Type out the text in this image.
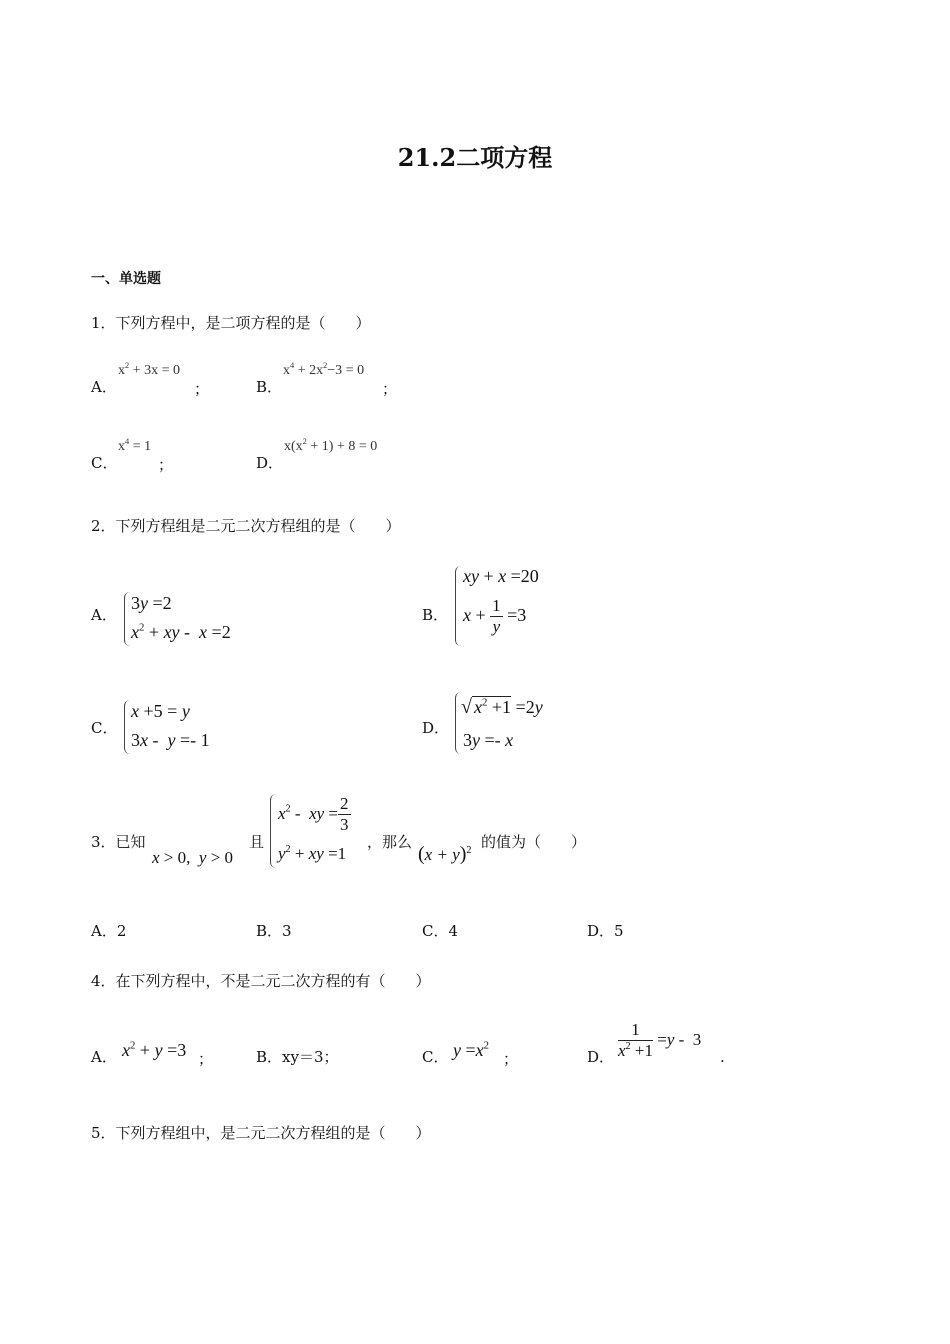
21.2二项方程
一、单选题
1．下列方程中，是二项方程的是（　　）
A．
$x^2 + 3x = 0$
；	B．
$x^4 + 2x^2-3 = 0$
；
C．
$x^4 = 1$
；	D．
$x(x^2 + 1) + 8 = 0$
2．下列方程组是二元二次方程组的是（　　）
A．
3y =2
$x^2$ + xy -  x =2
B．
xy + x =20
$x + \frac{1}{y} =3$
C．
x +5 = y
3x -  y =- 1
D．
√ $x^2 +1 =2y$
3y =- x
3．已知
x > 0,  y > 0
且
$x^2$ -  xy = $\frac{2}{3}$
$y^2$ + xy =1
，那么
$(x + y)^2$ 的值为（　　）
A．2	B．3	C．4	D．5
4．在下列方程中，不是二元二次方程的有（　　）
A． $x^2 + y =3$ ；	B．xy＝3；	C． $y =x^2$
；	D． $\frac{1}{x^2 +1} =y - 3$
.
5．下列方程组中，是二元二次方程组的是（　　）
